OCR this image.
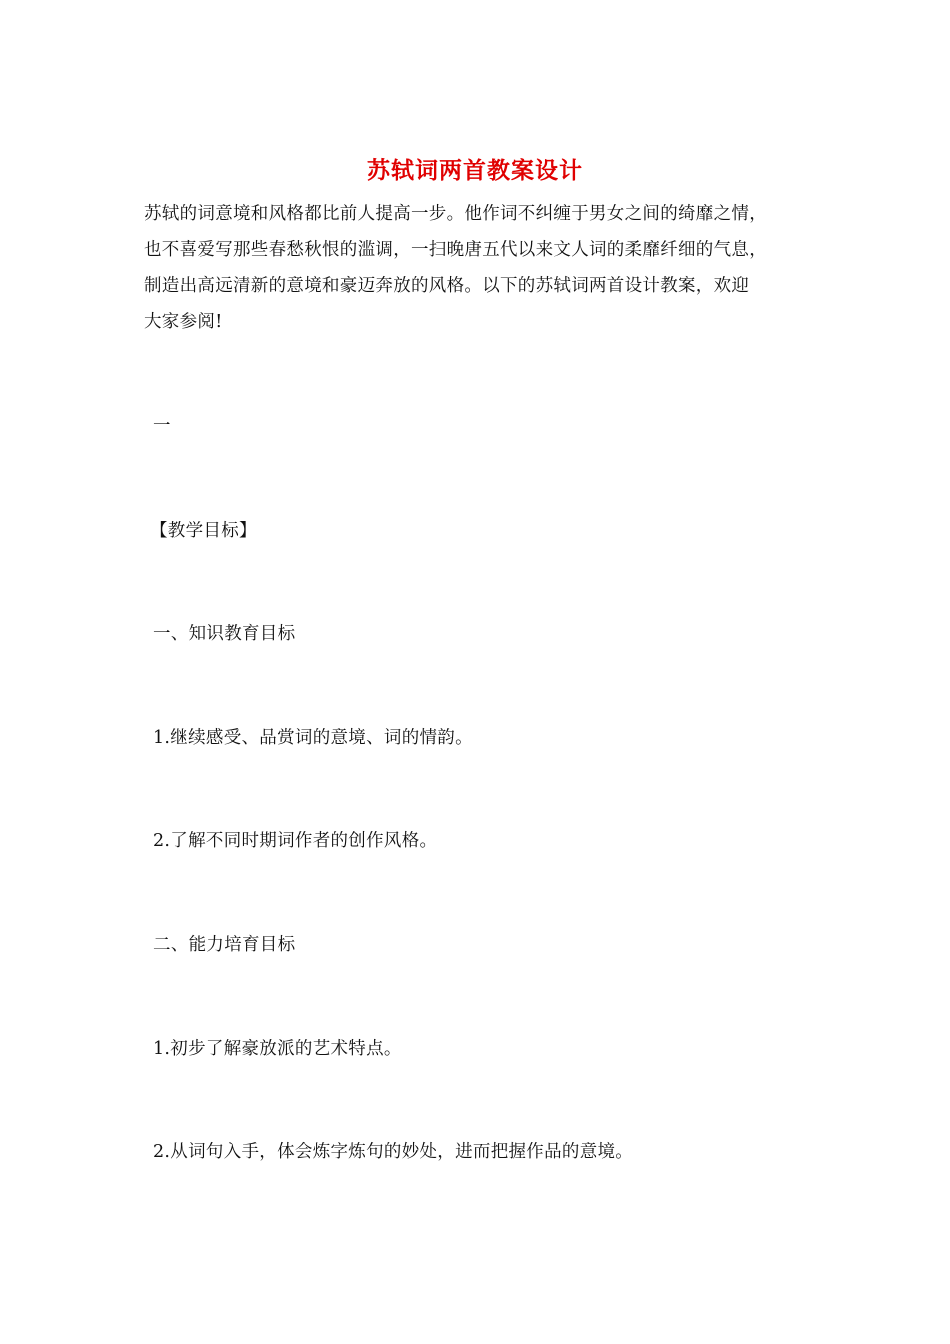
苏轼词两首教案设计
苏轼的词意境和风格都比前人提高一步。他作词不纠缠于男女之间的绮靡之情，
也不喜爱写那些春愁秋恨的滥调，一扫晚唐五代以来文人词的柔靡纤细的气息，
制造出高远清新的意境和豪迈奔放的风格。以下的苏轼词两首设计教案，欢迎
大家参阅!
一
【教学目标】
一、知识教育目标
1.继续感受、品赏词的意境、词的情韵。
2.了解不同时期词作者的创作风格。
二、能力培育目标
1.初步了解豪放派的艺术特点。
2.从词句入手，体会炼字炼句的妙处，进而把握作品的意境。
